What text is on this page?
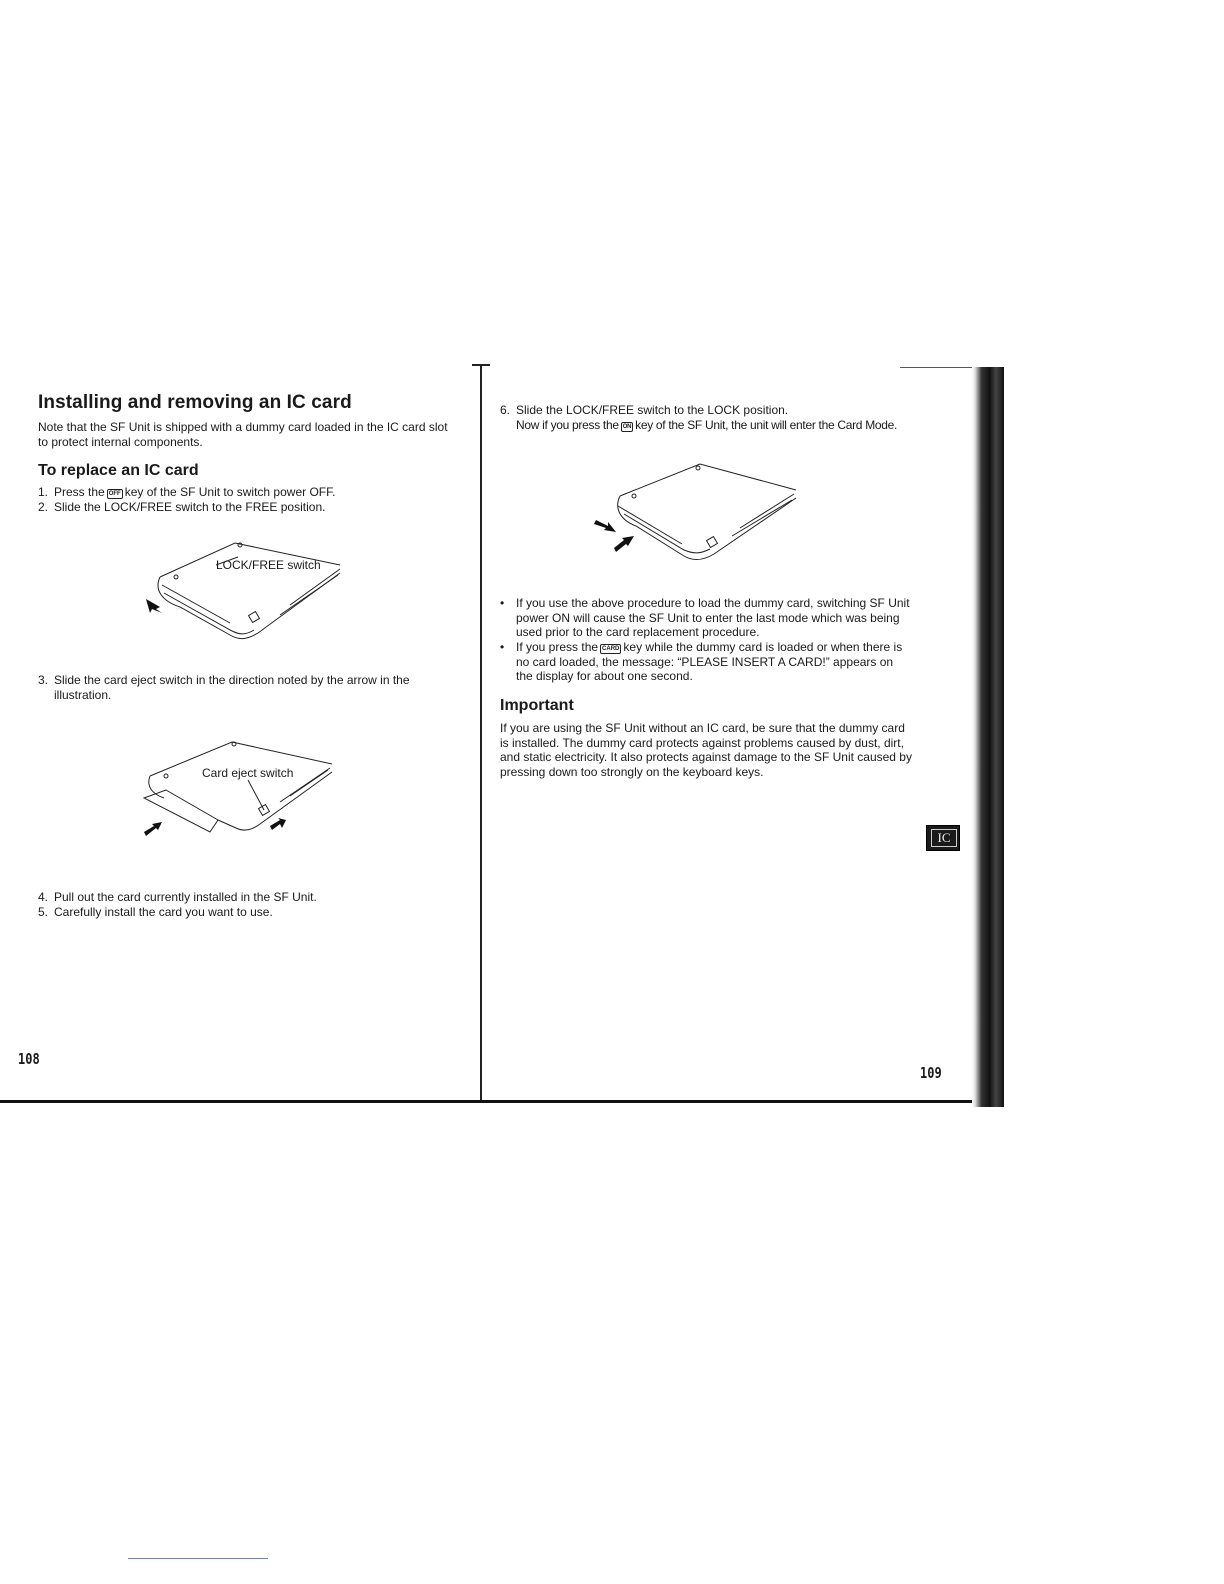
Installing and removing an IC card

Note that the SF Unit is shipped with a dummy card loaded in the IC card slot to protect internal components.

To replace an IC card
1. Press the OFF key of the SF Unit to switch power OFF.
2. Slide the LOCK/FREE switch to the FREE position.
LOCK/FREE switch
3. Slide the card eject switch in the direction noted by the arrow in the illustration.
Card eject switch
4. Pull out the card currently installed in the SF Unit.
5. Carefully install the card you want to use.
108
6. Slide the LOCK/FREE switch to the LOCK position.
Now if you press the ON key of the SF Unit, the unit will enter the Card Mode.
• If you use the above procedure to load the dummy card, switching SF Unit power ON will cause the SF Unit to enter the last mode which was being used prior to the card replacement procedure.
• If you press the CARD key while the dummy card is loaded or when there is no card loaded, the message: “PLEASE INSERT A CARD!” appears on the display for about one second.
Important

If you are using the SF Unit without an IC card, be sure that the dummy card is installed. The dummy card protects against problems caused by dust, dirt, and static electricity. It also protects against damage to the SF Unit caused by pressing down too strongly on the keyboard keys.

109
IC
